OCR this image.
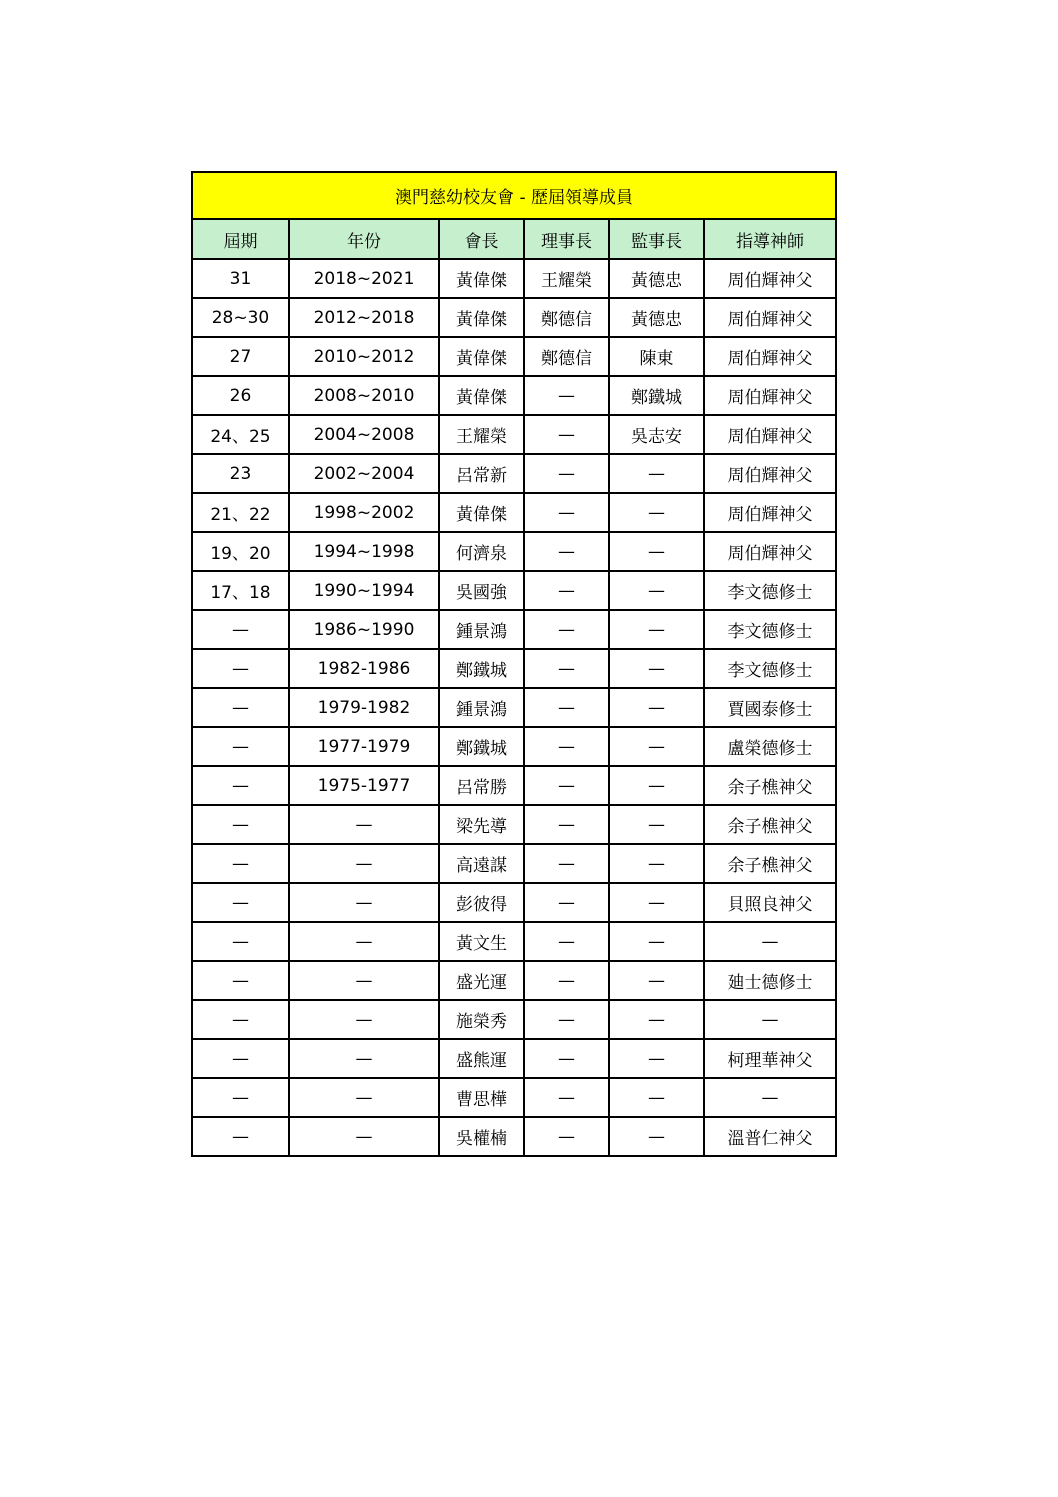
澳門慈幼校友會 - 歷屆領導成員					
屆期	年份	會長	理事長	監事長	指導神師
31	2018~2021	黃偉傑	王耀榮	黃德忠	周伯輝神父
28~30	2012~2018	黃偉傑	鄭德信	黃德忠	周伯輝神父
27	2010~2012	黃偉傑	鄭德信	陳東	周伯輝神父
26	2008~2010	黃偉傑	—	鄭鐵城	周伯輝神父
24、25	2004~2008	王耀榮	—	吳志安	周伯輝神父
23	2002~2004	呂常新	—	—	周伯輝神父
21、22	1998~2002	黃偉傑	—	—	周伯輝神父
19、20	1994~1998	何濟泉	—	—	周伯輝神父
17、18	1990~1994	吳國強	—	—	李文德修士
—	1986~1990	鍾景鴻	—	—	李文德修士
—	1982-1986	鄭鐵城	—	—	李文德修士
—	1979-1982	鍾景鴻	—	—	賈國泰修士
—	1977-1979	鄭鐵城	—	—	盧榮德修士
—	1975-1977	呂常勝	—	—	余子樵神父
—	—	梁先導	—	—	余子樵神父
—	—	高遠謀	—	—	余子樵神父
—	—	彭彼得	—	—	貝照良神父
—	—	黃文生	—	—	—
—	—	盛光運	—	—	廸士德修士
—	—	施榮秀	—	—	—
—	—	盛熊運	—	—	柯理華神父
—	—	曹思樺	—	—	—
—	—	吳權楠	—	—	溫普仁神父
